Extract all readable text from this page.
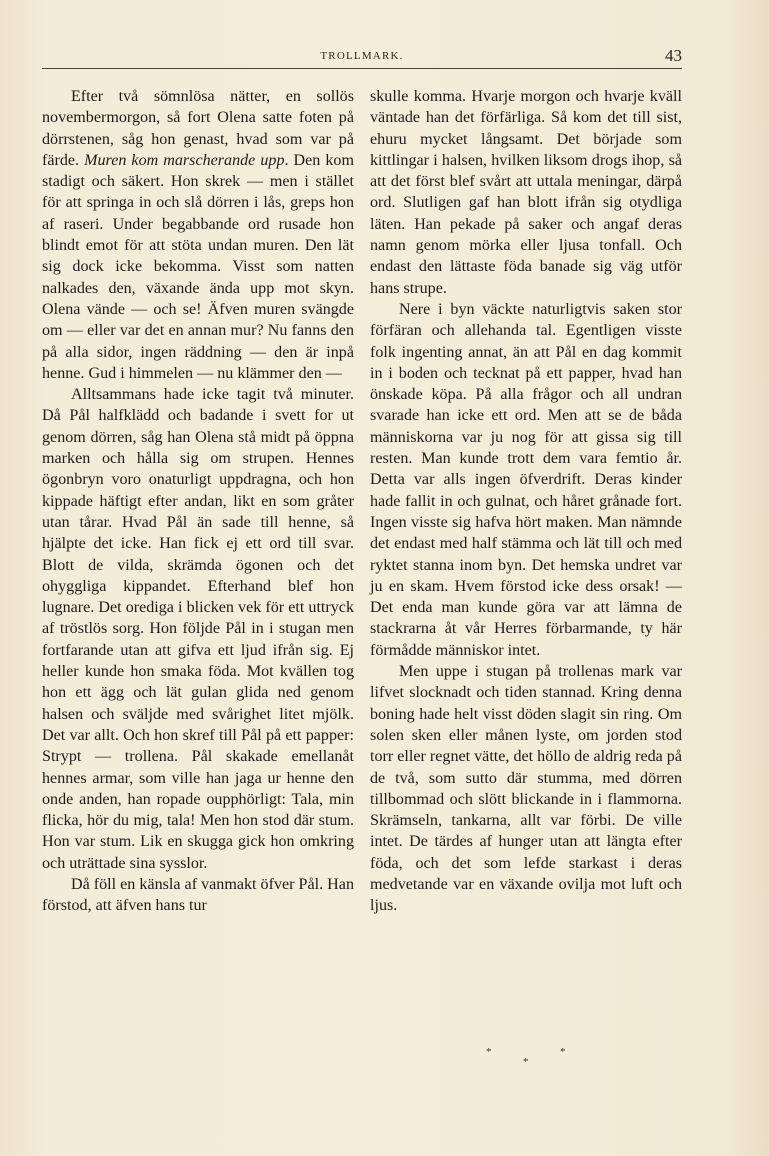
TROLLMARK.	43

Efter två sömnlösa nätter, en sollös novembermorgon, så fort Olena satte foten på dörrstenen, såg hon genast, hvad som var på färde. Muren kom marscherande upp. Den kom stadigt och säkert. Hon skrek — men i stället för att springa in och slå dörren i lås, greps hon af raseri. Under begabbande ord rusade hon blindt emot för att stöta undan muren. Den lät sig dock icke bekomma. Visst som natten nalkades den, växande ända upp mot skyn. Olena vände — och se! Äfven muren svängde om — eller var det en annan mur? Nu fanns den på alla sidor, ingen räddning — den är inpå henne. Gud i himmelen — nu klämmer den —

Alltsammans hade icke tagit två minuter. Då Pål halfklädd och badande i svett for ut genom dörren, såg han Olena stå midt på öppna marken och hålla sig om strupen. Hennes ögonbryn voro onaturligt uppdragna, och hon kippade häftigt efter andan, likt en som gråter utan tårar. Hvad Pål än sade till henne, så hjälpte det icke. Han fick ej ett ord till svar. Blott de vilda, skrämda ögonen och det ohyggliga kippandet. Efterhand blef hon lugnare. Det orediga i blicken vek för ett uttryck af tröstlös sorg. Hon följde Pål in i stugan men fortfarande utan att gifva ett ljud ifrån sig. Ej heller kunde hon smaka föda. Mot kvällen tog hon ett ägg och lät gulan glida ned genom halsen och sväljde med svårighet litet mjölk. Det var allt. Och hon skref till Pål på ett papper: Strypt — trollena. Pål skakade emellanåt hennes armar, som ville han jaga ur henne den onde anden, han ropade oupphörligt: Tala, min flicka, hör du mig, tala! Men hon stod där stum. Hon var stum. Lik en skugga gick hon omkring och uträttade sina sysslor.

Då föll en känsla af vanmakt öfver Pål. Han förstod, att äfven hans tur

skulle komma. Hvarje morgon och hvarje kväll väntade han det förfärliga. Så kom det till sist, ehuru mycket långsamt. Det började som kittlingar i halsen, hvilken liksom drogs ihop, så att det först blef svårt att uttala meningar, därpå ord. Slutligen gaf han blott ifrån sig otydliga läten. Han pekade på saker och angaf deras namn genom mörka eller ljusa tonfall. Och endast den lättaste föda banade sig väg utför hans strupe.

Nere i byn väckte naturligtvis saken stor förfäran och allehanda tal. Egentligen visste folk ingenting annat, än att Pål en dag kommit in i boden och tecknat på ett papper, hvad han önskade köpa. På alla frågor och all undran svarade han icke ett ord. Men att se de båda människorna var ju nog för att gissa sig till resten. Man kunde trott dem vara femtio år. Detta var alls ingen öfverdrift. Deras kinder hade fallit in och gulnat, och håret grånade fort. Ingen visste sig hafva hört maken. Man nämnde det endast med half stämma och lät till och med ryktet stanna inom byn. Det hemska undret var ju en skam. Hvem förstod icke dess orsak! — Det enda man kunde göra var att lämna de stackrarna åt vår Herres förbarmande, ty här förmådde människor intet.

Men uppe i stugan på trollenas mark var lifvet slocknadt och tiden stannad. Kring denna boning hade helt visst döden slagit sin ring. Om solen sken eller månen lyste, om jorden stod torr eller regnet vätte, det höllo de aldrig reda på de två, som sutto där stumma, med dörren tillbommad och slött blickande in i flammorna. Skrämseln, tankarna, allt var förbi. De ville intet. De tärdes af hunger utan att längta efter föda, och det som lefde starkast i deras medvetande var en växande ovilja mot luft och ljus.

*
*
*
